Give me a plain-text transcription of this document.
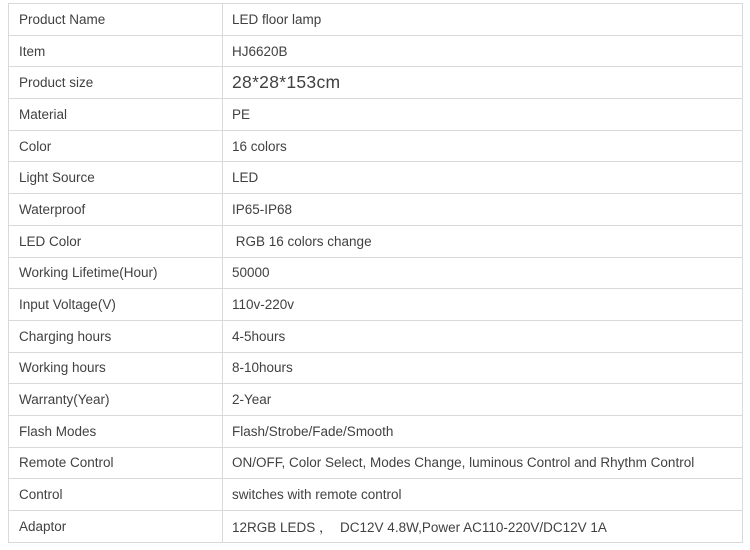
Product Name	LED floor lamp
Item	HJ6620B
Product size	28*28*153cm
Material	PE
Color	16 colors
Light Source	LED
Waterproof	IP65-IP68
LED Color	RGB 16 colors change
Working Lifetime(Hour)	50000
Input Voltage(V)	110v-220v
Charging hours	4-5hours
Working hours	8-10hours
Warranty(Year)	2-Year
Flash Modes	Flash/Strobe/Fade/Smooth
Remote Control	ON/OFF, Color Select, Modes Change, luminous Control and Rhythm Control
Control	switches with remote control
Adaptor	12RGB LEDS ，  DC12V 4.8W,Power AC110-220V/DC12V 1A
